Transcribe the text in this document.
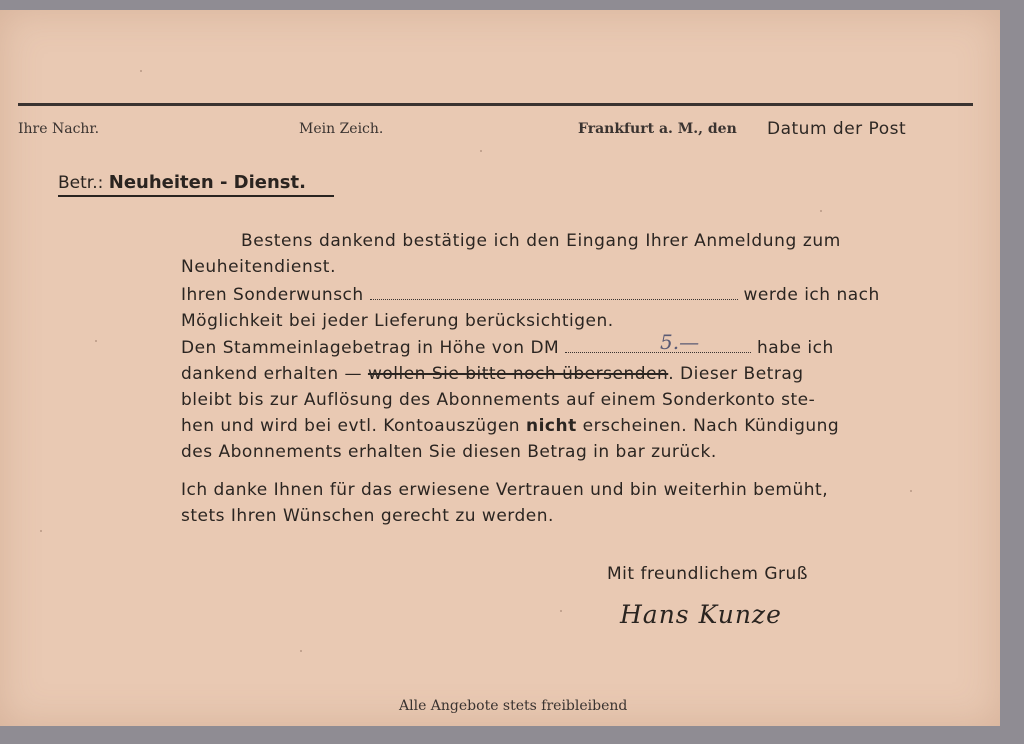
Ihre Nachr.	Mein Zeich.	Frankfurt a. M., den Datum der Post
Betr.: Neuheiten - Dienst.
Bestens dankend bestätige ich den Eingang Ihrer Anmeldung zum Neuheitendienst.
Ihren Sonderwunsch	werde ich nach
Möglichkeit bei jeder Lieferung berücksichtigen.
Den Stammeinlagebetrag in Höhe von DM	habe ich
5.—
dankend erhalten — wollen Sie bitte noch übersenden. Dieser Betrag
bleibt bis zur Auflösung des Abonnements auf einem Sonderkonto ste-
hen und wird bei evtl. Kontoauszügen nicht erscheinen. Nach Kündigung
des Abonnements erhalten Sie diesen Betrag in bar zurück.
Ich danke Ihnen für das erwiesene Vertrauen und bin weiterhin bemüht,
stets Ihren Wünschen gerecht zu werden.
Mit freundlichem Gruß
Hans Kunze
Alle Angebote stets freibleibend
